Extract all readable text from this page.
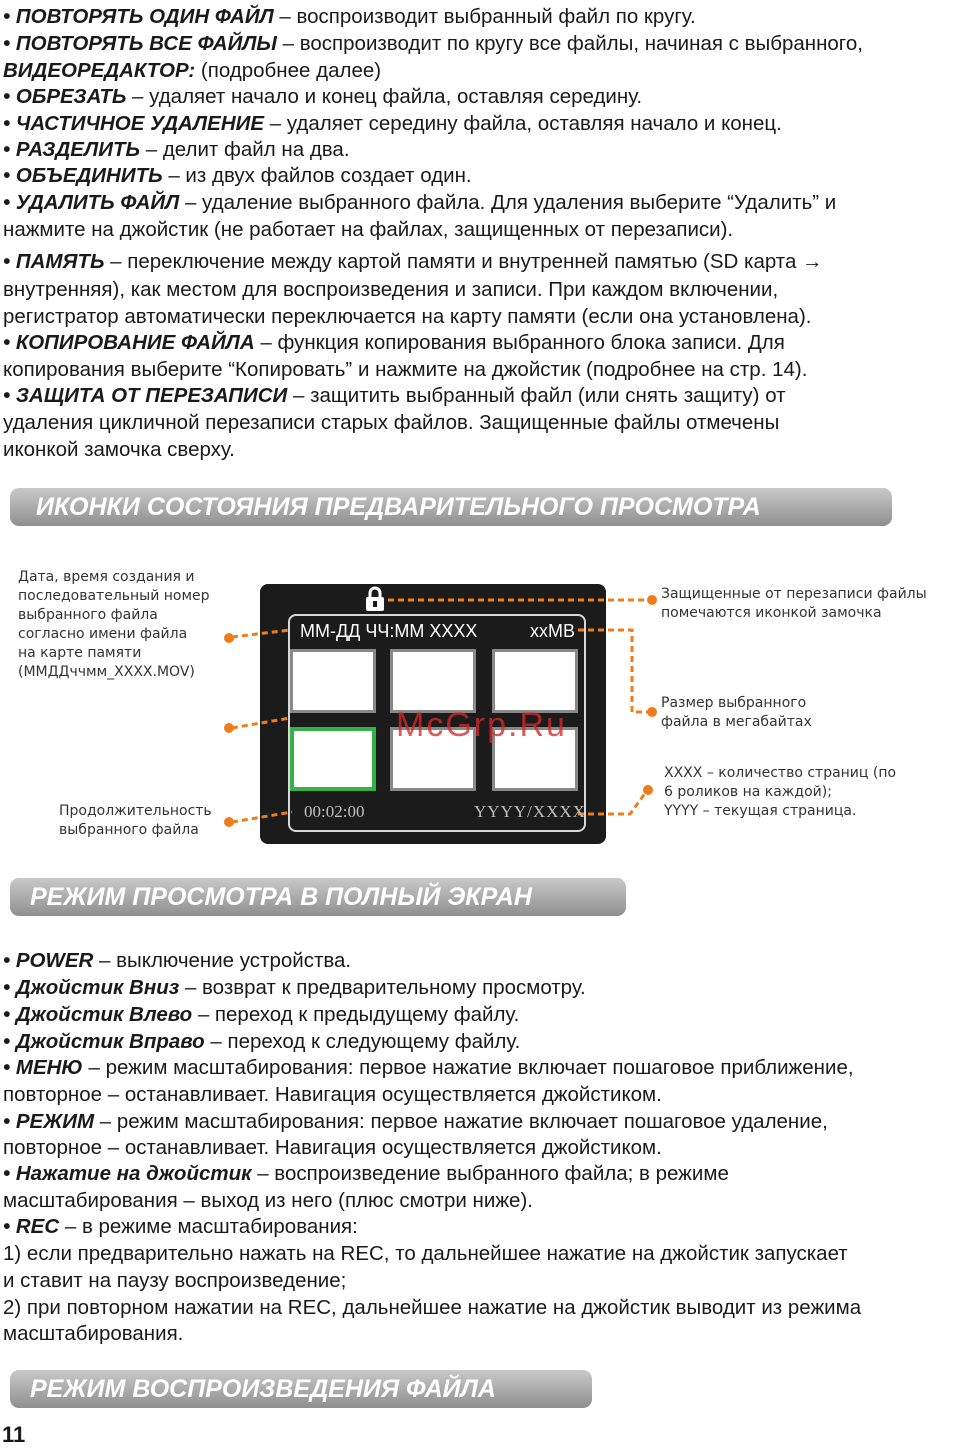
• ПОВТОРЯТЬ ОДИН ФАЙЛ – воспроизводит выбранный файл по кругу.
• ПОВТОРЯТЬ ВСЕ ФАЙЛЫ – воспроизводит по кругу все файлы, начиная с выбранного,
ВИДЕОРЕДАКТОР: (подробнее далее)
• ОБРЕЗАТЬ – удаляет начало и конец файла, оставляя середину.
• ЧАСТИЧНОЕ УДАЛЕНИЕ – удаляет середину файла, оставляя начало и конец.
• РАЗДЕЛИТЬ – делит файл на два.
• ОБЪЕДИНИТЬ – из двух файлов создает один.
• УДАЛИТЬ ФАЙЛ – удаление выбранного файла. Для удаления выберите “Удалить” и
нажмите на джойстик (не работает на файлах, защищенных от перезаписи).
• ПАМЯТЬ – переключение между картой памяти и внутренней памятью (SD карта →
внутренняя), как местом для воспроизведения и записи. При каждом включении,
регистратор автоматически переключается на карту памяти (если она установлена).
• КОПИРОВАНИЕ ФАЙЛА – функция копирования выбранного блока записи. Для
копирования выберите “Копировать” и нажмите на джойстик (подробнее на стр. 14).
• ЗАЩИТА ОТ ПЕРЕЗАПИСИ – защитить выбранный файл (или снять защиту) от
удаления цикличной перезаписи старых файлов. Защищенные файлы отмечены
иконкой замочка сверху.
ИКОНКИ СОСТОЯНИЯ ПРЕДВАРИТЕЛЬНОГО ПРОСМОТРА
Дата, время создания и
последовательный номер
выбранного файла
согласно имени файла
на карте памяти
(ММДДччмм_XXXX.MOV)
Продолжительность
выбранного файла
Защищенные от перезаписи файлы
помечаются иконкой замочка
Размер выбранного
файла в мегабайтах
XXXX – количество страниц (по
6 роликов на каждой);
YYYY – текущая страница.
ММ-ДД ЧЧ:ММ XXXX	xxMB
00:02:00	YYYY/XXXX
McGrp.Ru
РЕЖИМ ПРОСМОТРА В ПОЛНЫЙ ЭКРАН
• POWER – выключение устройства.
• Джойстик Вниз – возврат к предварительному просмотру.
• Джойстик Влево – переход к предыдущему файлу.
• Джойстик Вправо – переход к следующему файлу.
• МЕНЮ – режим масштабирования: первое нажатие включает пошаговое приближение,
повторное – останавливает. Навигация осуществляется джойстиком.
• РЕЖИМ – режим масштабирования: первое нажатие включает пошаговое удаление,
повторное – останавливает. Навигация осуществляется джойстиком.
• Нажатие на джойстик – воспроизведение выбранного файла; в режиме
масштабирования – выход из него (плюс смотри ниже).
• REC – в режиме масштабирования:
1) если предварительно нажать на REC, то дальнейшее нажатие на джойстик запускает
и ставит на паузу воспроизведение;
2) при повторном нажатии на REC, дальнейшее нажатие на джойстик выводит из режима
масштабирования.
РЕЖИМ ВОСПРОИЗВЕДЕНИЯ ФАЙЛА
11
